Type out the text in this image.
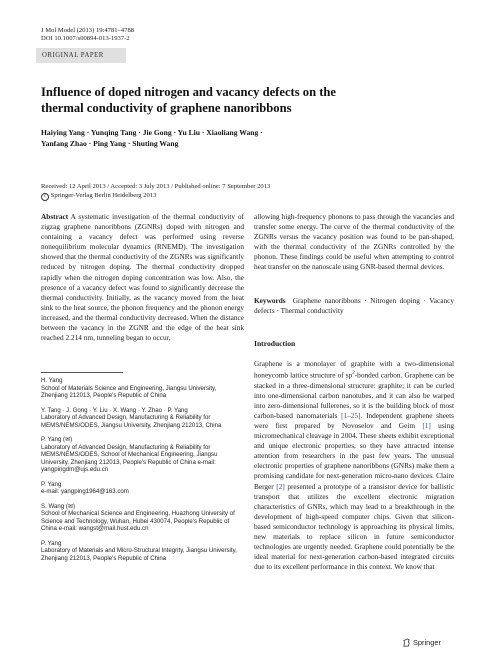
J Mol Model (2013) 19:4781–4788
DOI 10.1007/s00894-013-1937-2
ORIGINAL PAPER
Influence of doped nitrogen and vacancy defects on the thermal conductivity of graphene nanoribbons
Haiying Yang · Yunqing Tang · Jie Gong · Yu Liu · Xiaoliang Wang · Yanfang Zhao · Ping Yang · Shuting Wang
Received: 12 April 2013 / Accepted: 3 July 2013 / Published online: 7 September 2013
c Springer-Verlag Berlin Heidelberg 2013
Abstract A systematic investigation of the thermal conductivity of zigzag graphene nanoribbons (ZGNRs) doped with nitrogen and containing a vacancy defect was performed using reverse nonequilibrium molecular dynamics (RNEMD). The investigation showed that the thermal conductivity of the ZGNRs was significantly reduced by nitrogen doping. The thermal conductivity dropped rapidly when the nitrogen doping concentration was low. Also, the presence of a vacancy defect was found to significantly decrease the thermal conductivity. Initially, as the vacancy moved from the heat sink to the heat source, the phonon frequency and the phonon energy increased, and the thermal conductivity decreased. When the distance between the vacancy in the ZGNR and the edge of the heat sink reached 2.214 nm, tunneling began to occur,
allowing high-frequency phonons to pass through the vacancies and transfer some energy. The curve of the thermal conductivity of the ZGNRs versus the vacancy position was found to be pan-shaped, with the thermal conductivity of the ZGNRs controlled by the phonon. These findings could be useful when attempting to control heat transfer on the nanoscale using GNR-based thermal devices.
Keywords Graphene nanoribbons · Nitrogen doping · Vacancy defects · Thermal conductivity

H. Yang
School of Materials Science and Engineering, Jiangsu University, Zhenjiang 212013, People's Republic of China

Y. Tang · J. Gong · Y. Liu · X. Wang · Y. Zhao · P. Yang
Laboratory of Advanced Design, Manufacturing & Reliability for MEMS/NEMS/ODES, Jiangsu University, Zhenjiang 212013, China

P. Yang (✉)
Laboratory of Advanced Design, Manufacturing & Reliability for MEMS/NEMS/ODES, School of Mechanical Engineering, Jiangsu University, Zhenjiang 212013, People's Republic of China e-mail: yangpingdm@ujs.edu.cn

P. Yang
e-mail: yangping1964@163.com

S. Wang (✉)
School of Mechanical Science and Engineering, Huazhong University of Science and Technology, Wuhan, Hubei 430074, People's Republic of China e-mail: wangst@mail.hust.edu.cn

P. Yang
Laboratory of Materials and Micro-Structural Integrity, Jiangsu University, Zhenjiang 212013, People's Republic of China

Introduction
Graphene is a monolayer of graphite with a two-dimensional honeycomb lattice structure of $sp^2$-bonded carbon. Graphene can be stacked in a three-dimensional structure: graphite; it can be curled into one-dimensional carbon nanotubes, and it can also be warped into zero-dimensional fullerenes, so it is the building block of most carbon-based nanomaterials [1–25]. Independent graphene sheets were first prepared by Novoselov and Geim [1] using micromechanical cleavage in 2004. These sheets exhibit exceptional and unique electronic properties, so they have attracted intense attention from researchers in the past few years. The unusual electronic properties of graphene nanoribbons (GNRs) make them a promising candidate for next-generation micro-nano devices. Claire Berger [2] presented a prototype of a transistor device for ballistic transport that utilizes the excellent electronic migration characteristics of GNRs, which may lead to a breakthrough in the development of high-speed computer chips. Given that silicon-based semiconductor technology is approaching its physical limits, new materials to replace silicon in future semiconductor technologies are urgently needed. Graphene could potentially be the ideal material for next-generation carbon-based integrated circuits due to its excellent performance in this context. We know that
Springer
